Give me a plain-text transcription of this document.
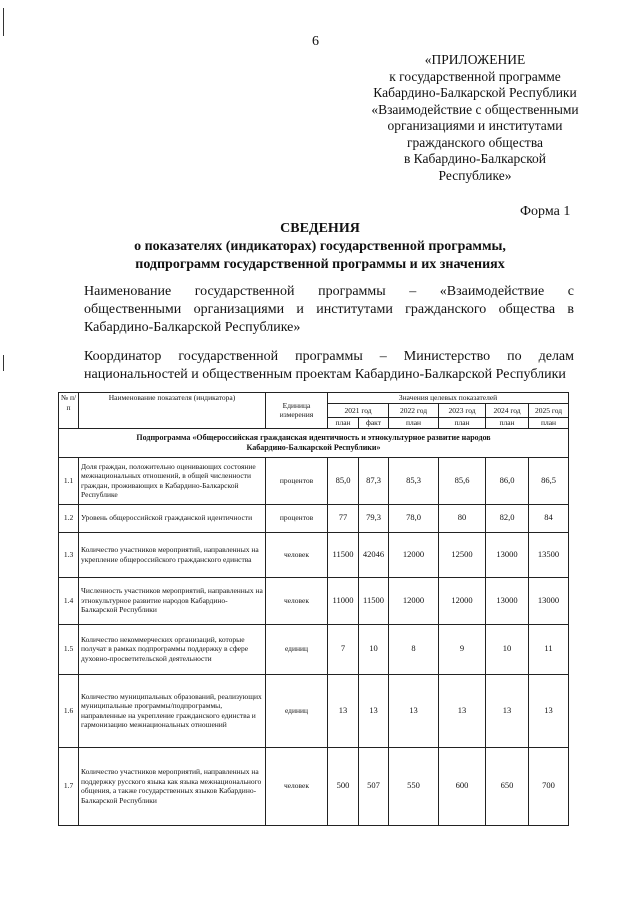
6
«ПРИЛОЖЕНИЕ
к государственной программе
Кабардино-Балкарской Республики
«Взаимодействие с общественными
организациями и институтами
гражданского общества
в Кабардино-Балкарской
Республике»
Форма 1
СВЕДЕНИЯ
о показателях (индикаторах) государственной программы,
подпрограмм государственной программы и их значениях
Наименование государственной программы – «Взаимодействие с общественными организациями и институтами гражданского общества в Кабардино-Балкарской Республике»
Координатор государственной программы – Министерство по делам национальностей и общественным проектам Кабардино-Балкарской Республики
№ п/п	Наименование показателя (индикатора)	Единица измерения	Значения целевых показателей					
			2021 год		2022 год	2023 год	2024 год	2025 год
			план	факт	план	план	план	план
Подпрограмма «Общероссийская гражданская идентичность и этнокультурное развитие народов Кабардино-Балкарской Республики»								
1.1	Доля граждан, положительно оценивающих состояние межнациональных отношений, в общей численности граждан, проживающих в Кабардино-Балкарской Республике	процентов	85,0	87,3	85,3	85,6	86,0	86,5
1.2	Уровень общероссийской гражданской идентичности	процентов	77	79,3	78,0	80	82,0	84
1.3	Количество участников мероприятий, направленных на укрепление общероссийского гражданского единства	человек	11500	42046	12000	12500	13000	13500
1.4	Численность участников мероприятий, направленных на этнокультурное развитие народов Кабардино-Балкарской Республики	человек	11000	11500	12000	12000	13000	13000
1.5	Количество некоммерческих организаций, которые получат в рамках подпрограммы поддержку в сфере духовно-просветительской деятельности	единиц	7	10	8	9	10	11
1.6	Количество муниципальных образований, реализующих муниципальные программы/подпрограммы, направленные на укрепление гражданского единства и гармонизацию межнациональных отношений	единиц	13	13	13	13	13	13
1.7	Количество участников мероприятий, направленных на поддержку русского языка как языка межнационального общения, а также государственных языков Кабардино-Балкарской Республики	человек	500	507	550	600	650	700
